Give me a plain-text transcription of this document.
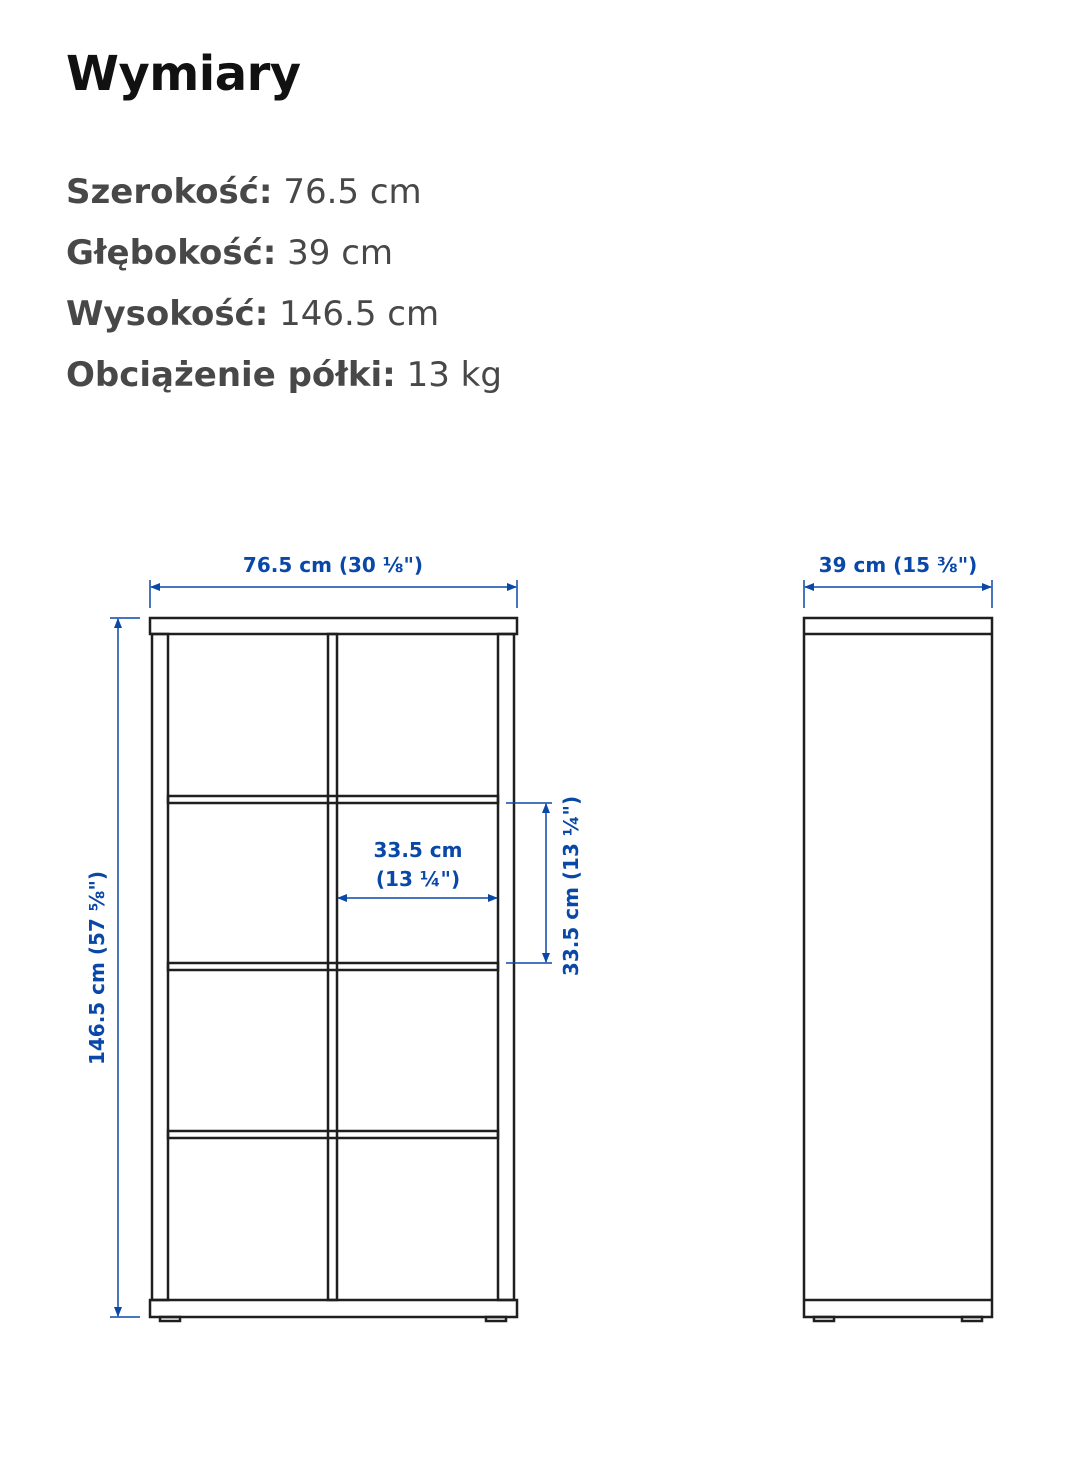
Wymiary
Szerokość: 76.5 cm
Głębokość: 39 cm
Wysokość: 146.5 cm
Obciążenie półki: 13 kg
76.5 cm (30 ⅛")	39 cm (15 ⅜")
146.5 cm (57 ⅝")
33.5 cm
(13 ¼")	33.5 cm (13 ¼")
